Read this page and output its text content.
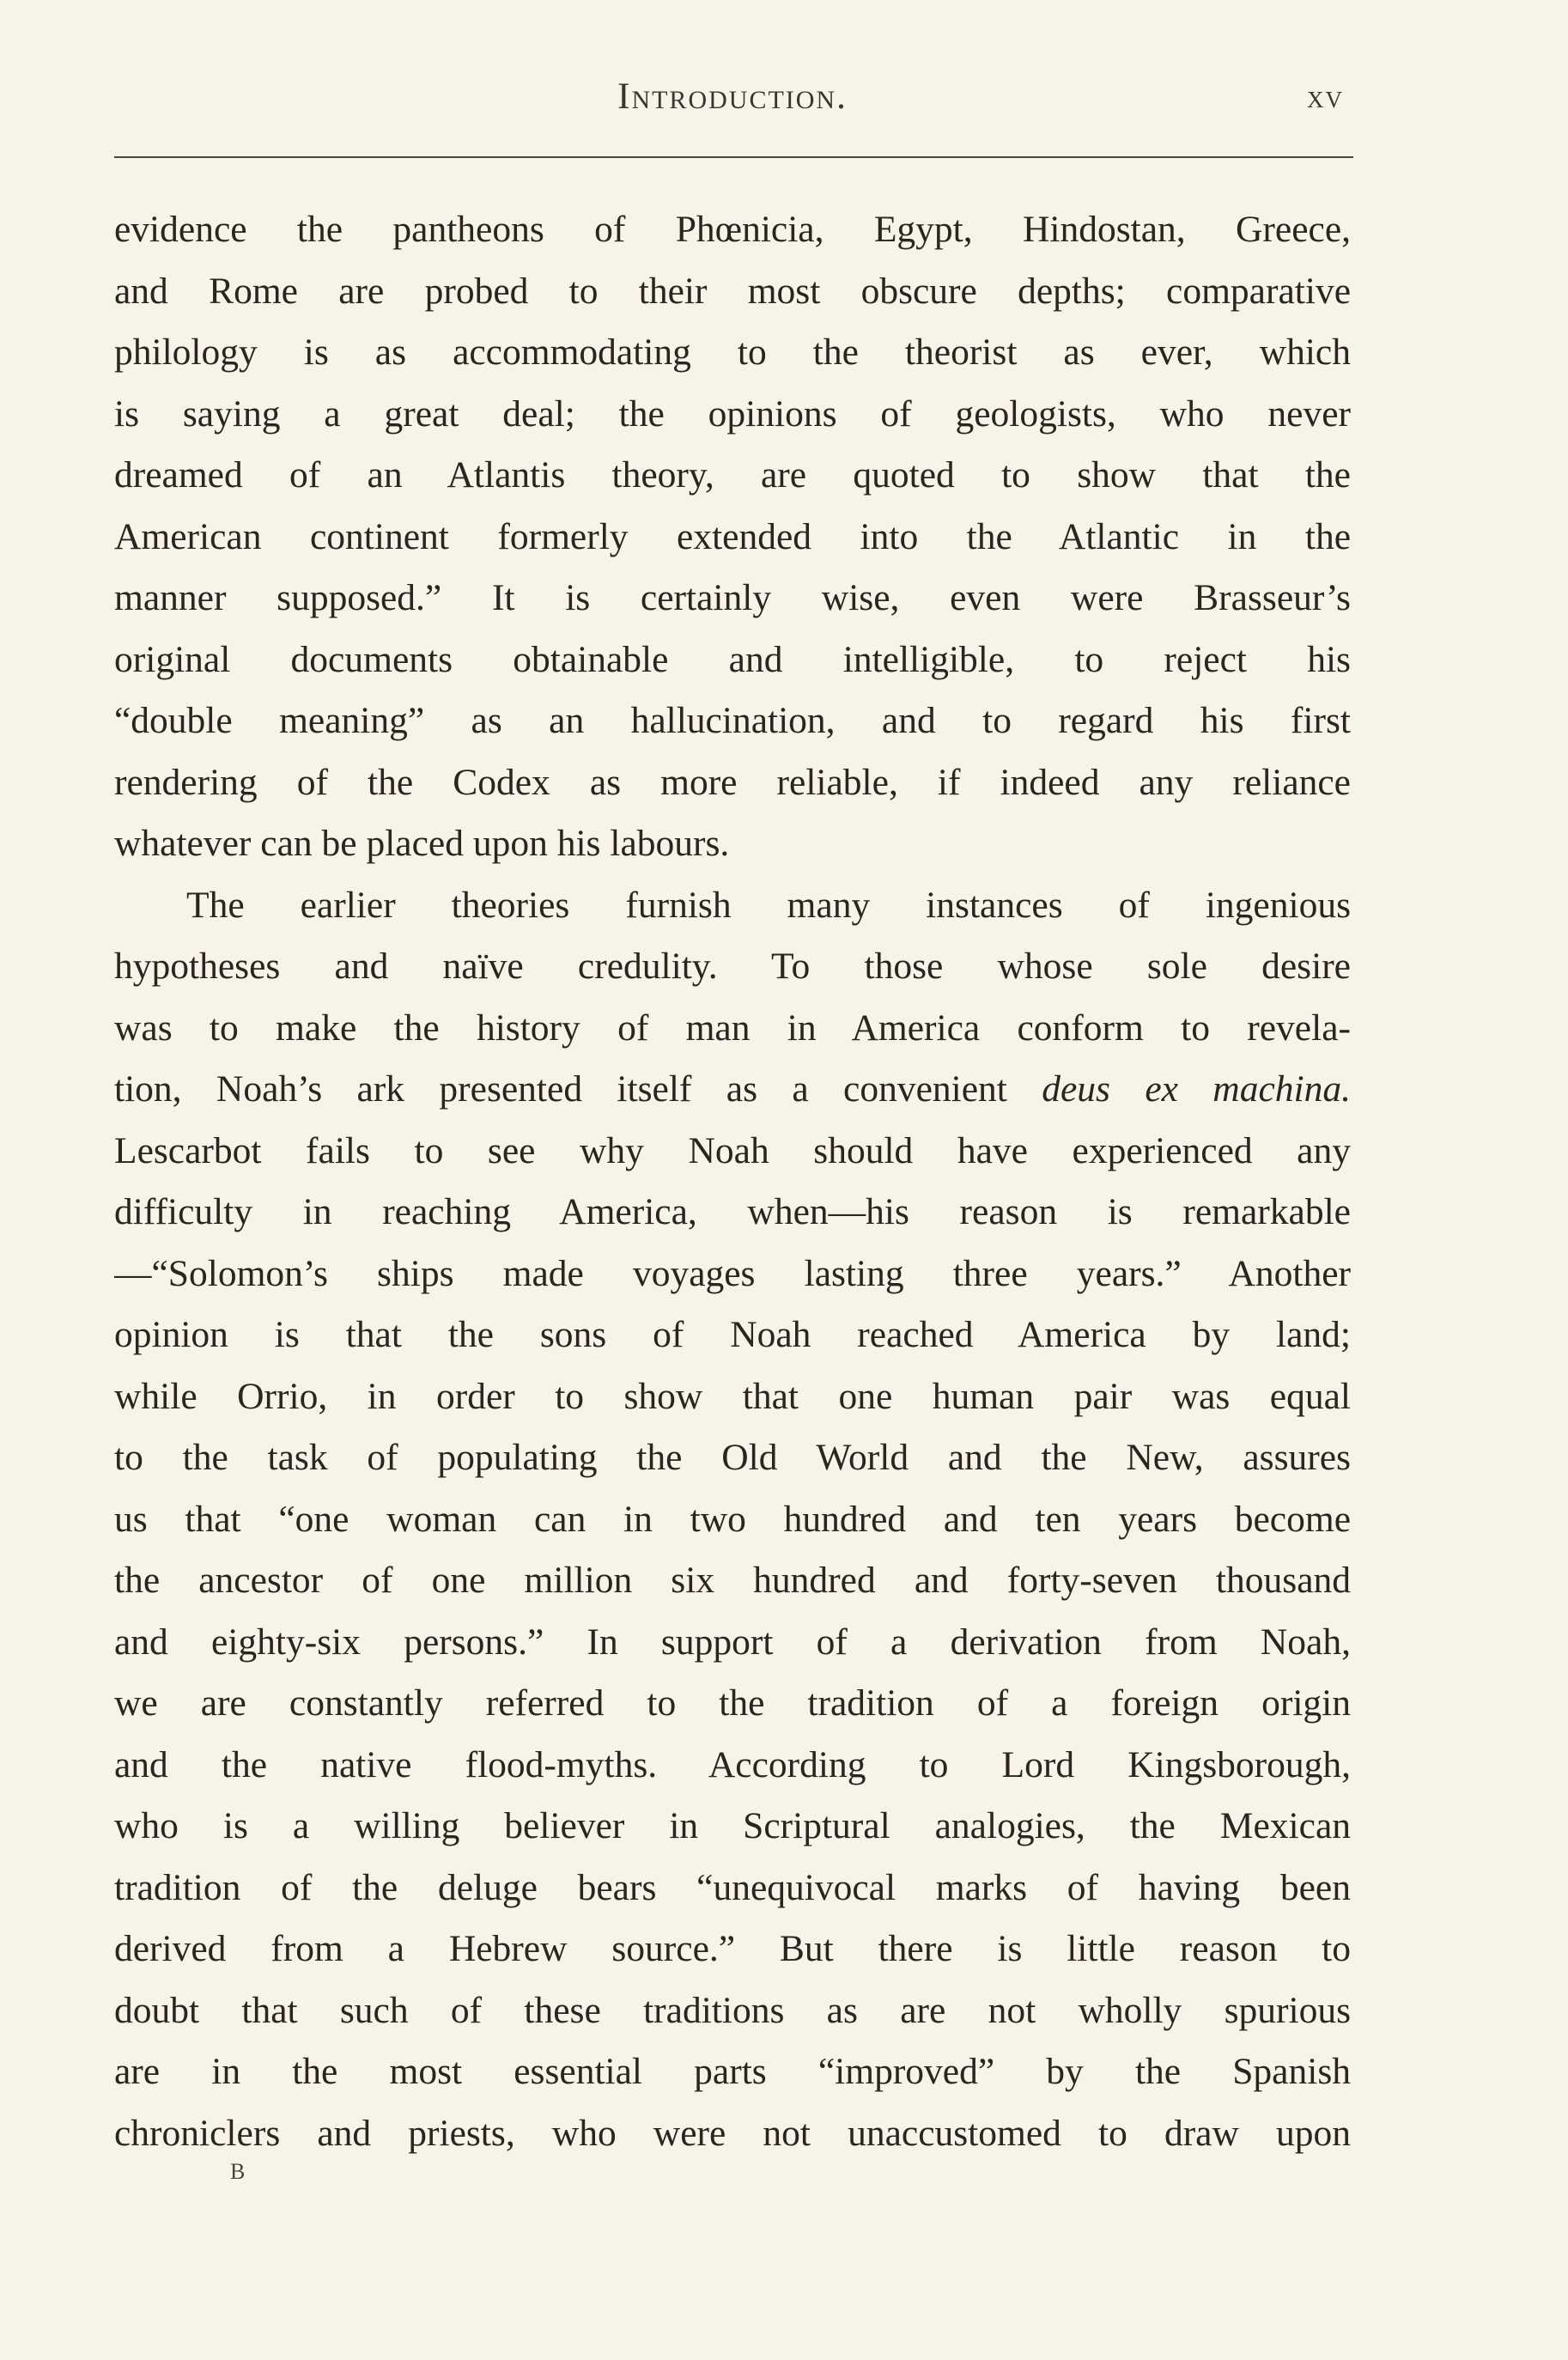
Introduction.	xv
evidence the pantheons of Phœnicia, Egypt, Hindostan, Greece,
and Rome are probed to their most obscure depths; comparative
philology is as accommodating to the theorist as ever, which
is saying a great deal; the opinions of geologists, who never
dreamed of an Atlantis theory, are quoted to show that the
American continent formerly extended into the Atlantic in the
manner supposed.” It is certainly wise, even were Brasseur’s
original documents obtainable and intelligible, to reject his
“double meaning” as an hallucination, and to regard his first
rendering of the Codex as more reliable, if indeed any reliance
whatever can be placed upon his labours.
The earlier theories furnish many instances of ingenious
hypotheses and naïve credulity. To those whose sole desire
was to make the history of man in America conform to revela-
tion, Noah’s ark presented itself as a convenient deus ex machina.
Lescarbot fails to see why Noah should have experienced any
difficulty in reaching America, when—his reason is remarkable
—“Solomon’s ships made voyages lasting three years.” Another
opinion is that the sons of Noah reached America by land;
while Orrio, in order to show that one human pair was equal
to the task of populating the Old World and the New, assures
us that “one woman can in two hundred and ten years become
the ancestor of one million six hundred and forty-seven thousand
and eighty-six persons.” In support of a derivation from Noah,
we are constantly referred to the tradition of a foreign origin
and the native flood-myths. According to Lord Kingsborough,
who is a willing believer in Scriptural analogies, the Mexican
tradition of the deluge bears “unequivocal marks of having been
derived from a Hebrew source.” But there is little reason to
doubt that such of these traditions as are not wholly spurious
are in the most essential parts “improved” by the Spanish
chroniclers and priests, who were not unaccustomed to draw upon
B
